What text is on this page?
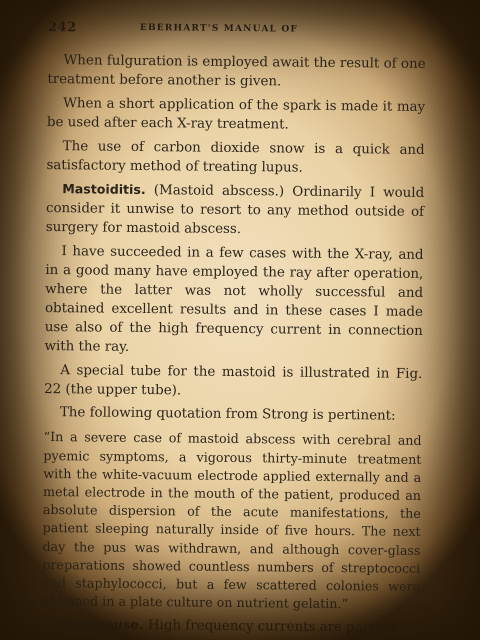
242	EBERHART'S MANUAL OF

When fulguration is employed await the result of one treatment before another is given.

When a short application of the spark is made it may be used after each X-ray treatment.

The use of carbon dioxide snow is a quick and satisfactory method of treating lupus.

Mastoiditis. (Mastoid abscess.) Ordinarily I would consider it unwise to resort to any method outside of surgery for mastoid abscess.

I have succeeded in a few cases with the X-ray, and in a good many have employed the ray after operation, where the latter was not wholly successful and obtained excellent results and in these cases I made use also of the high frequency current in connection with the ray.

A special tube for the mastoid is illustrated in Fig. 22 (the upper tube).

The following quotation from Strong is pertinent:

“In a severe case of mastoid abscess with cerebral and pyemic symptoms, a vigorous thirty-minute treatment with the white-vacuum electrode applied externally and a metal electrode in the mouth of the patient, produced an absolute dispersion of the acute manifestations, the patient sleeping naturally inside of five hours. The next day the pus was withdrawn, and although cover-glass preparations showed countless numbers of streptococci and staphylococci, but a few scattered colonies were obtained in a plate culture on nutrient gelatin.”

Menopause. High frequency currents are particu-
